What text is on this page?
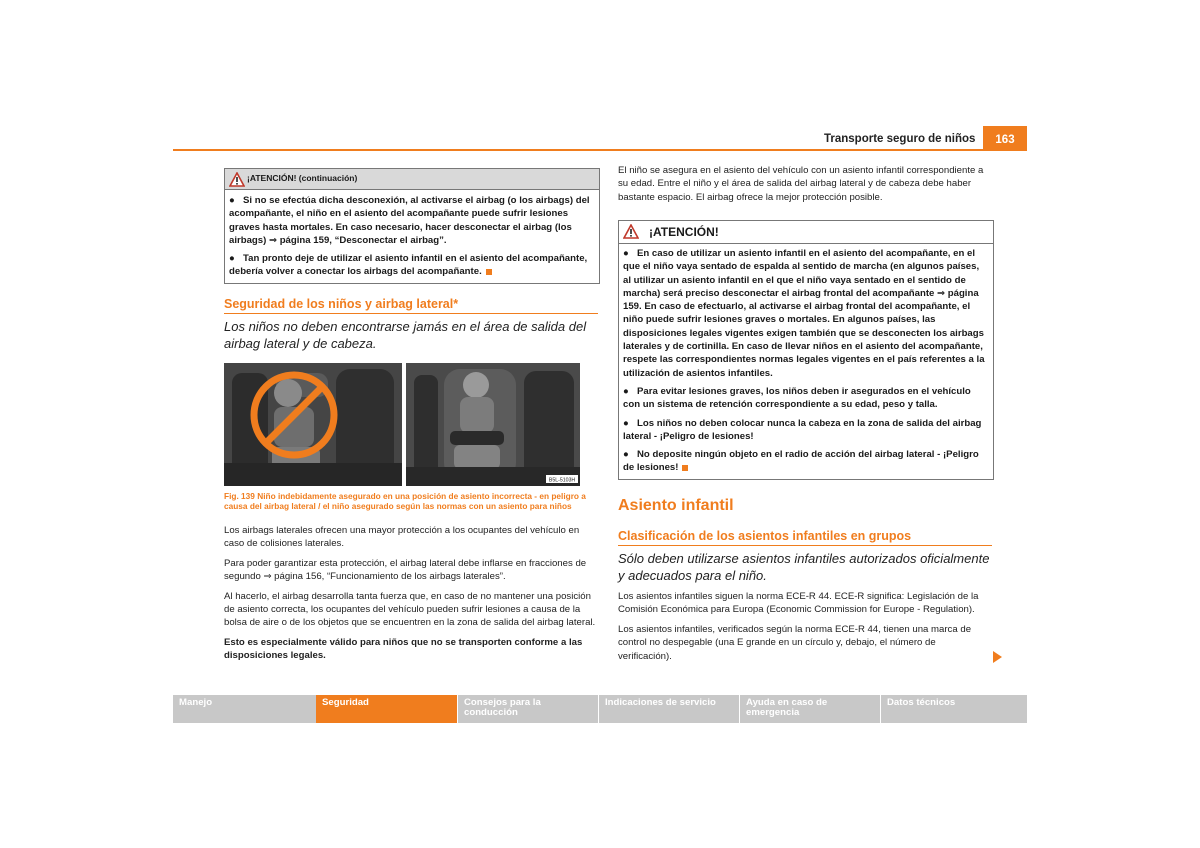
Transporte seguro de niños	163
¡ATENCIÓN! (continuación)

● Si no se efectúa dicha desconexión, al activarse el airbag (o los airbags) del acompañante, el niño en el asiento del acompañante puede sufrir lesiones graves hasta mortales. En caso necesario, hacer desconectar el airbag (los airbags) ⇒ página 159, “Desconectar el airbag”.

● Tan pronto deje de utilizar el asiento infantil en el asiento del acompañante, debería volver a conectar los airbags del acompañante.

Seguridad de los niños y airbag lateral*
Los niños no deben encontrarse jamás en el área de salida del airbag lateral y de cabeza.
B5L-5103H
Fig. 139 Niño indebidamente asegurado en una posición de asiento incorrecta - en peligro a causa del airbag lateral / el niño asegurado según las normas con un asiento para niños

Los airbags laterales ofrecen una mayor protección a los ocupantes del vehículo en caso de colisiones laterales.

Para poder garantizar esta protección, el airbag lateral debe inflarse en fracciones de segundo ⇒ página 156, “Funcionamiento de los airbags laterales”.

Al hacerlo, el airbag desarrolla tanta fuerza que, en caso de no mantener una posición de asiento correcta, los ocupantes del vehículo pueden sufrir lesiones a causa de la bolsa de aire o de los objetos que se encuentren en la zona de salida del airbag lateral.

Esto es especialmente válido para niños que no se transporten conforme a las disposiciones legales.

El niño se asegura en el asiento del vehículo con un asiento infantil correspondiente a su edad. Entre el niño y el área de salida del airbag lateral y de cabeza debe haber bastante espacio. El airbag ofrece la mejor protección posible.
¡ATENCIÓN!

● En caso de utilizar un asiento infantil en el asiento del acompañante, en el que el niño vaya sentado de espalda al sentido de marcha (en algunos países, al utilizar un asiento infantil en el que el niño vaya sentado en el sentido de marcha) será preciso desconectar el airbag frontal del acompañante ⇒ página 159. En caso de efectuarlo, al activarse el airbag frontal del acompañante, el niño puede sufrir lesiones graves o mortales. En algunos países, las disposiciones legales vigentes exigen también que se desconecten los airbags laterales y de cortinilla. En caso de llevar niños en el asiento del acompañante, respete las correspondientes normas legales vigentes en el país referentes a la utilización de asientos infantiles.

● Para evitar lesiones graves, los niños deben ir asegurados en el vehículo con un sistema de retención correspondiente a su edad, peso y talla.

● Los niños no deben colocar nunca la cabeza en la zona de salida del airbag lateral - ¡Peligro de lesiones!

● No deposite ningún objeto en el radio de acción del airbag lateral - ¡Peligro de lesiones!

Asiento infantil
Clasificación de los asientos infantiles en grupos
Sólo deben utilizarse asientos infantiles autorizados oficialmente y adecuados para el niño.

Los asientos infantiles siguen la norma ECE-R 44. ECE-R significa: Legislación de la Comisión Económica para Europa (Economic Commission for Europe - Regulation).

Los asientos infantiles, verificados según la norma ECE-R 44, tienen una marca de control no despegable (una E grande en un círculo y, debajo, el número de verificación).

Manejo	Seguridad	Consejos para la conducción
Indicaciones de servicio	Ayuda en caso de emergencia
Datos técnicos
